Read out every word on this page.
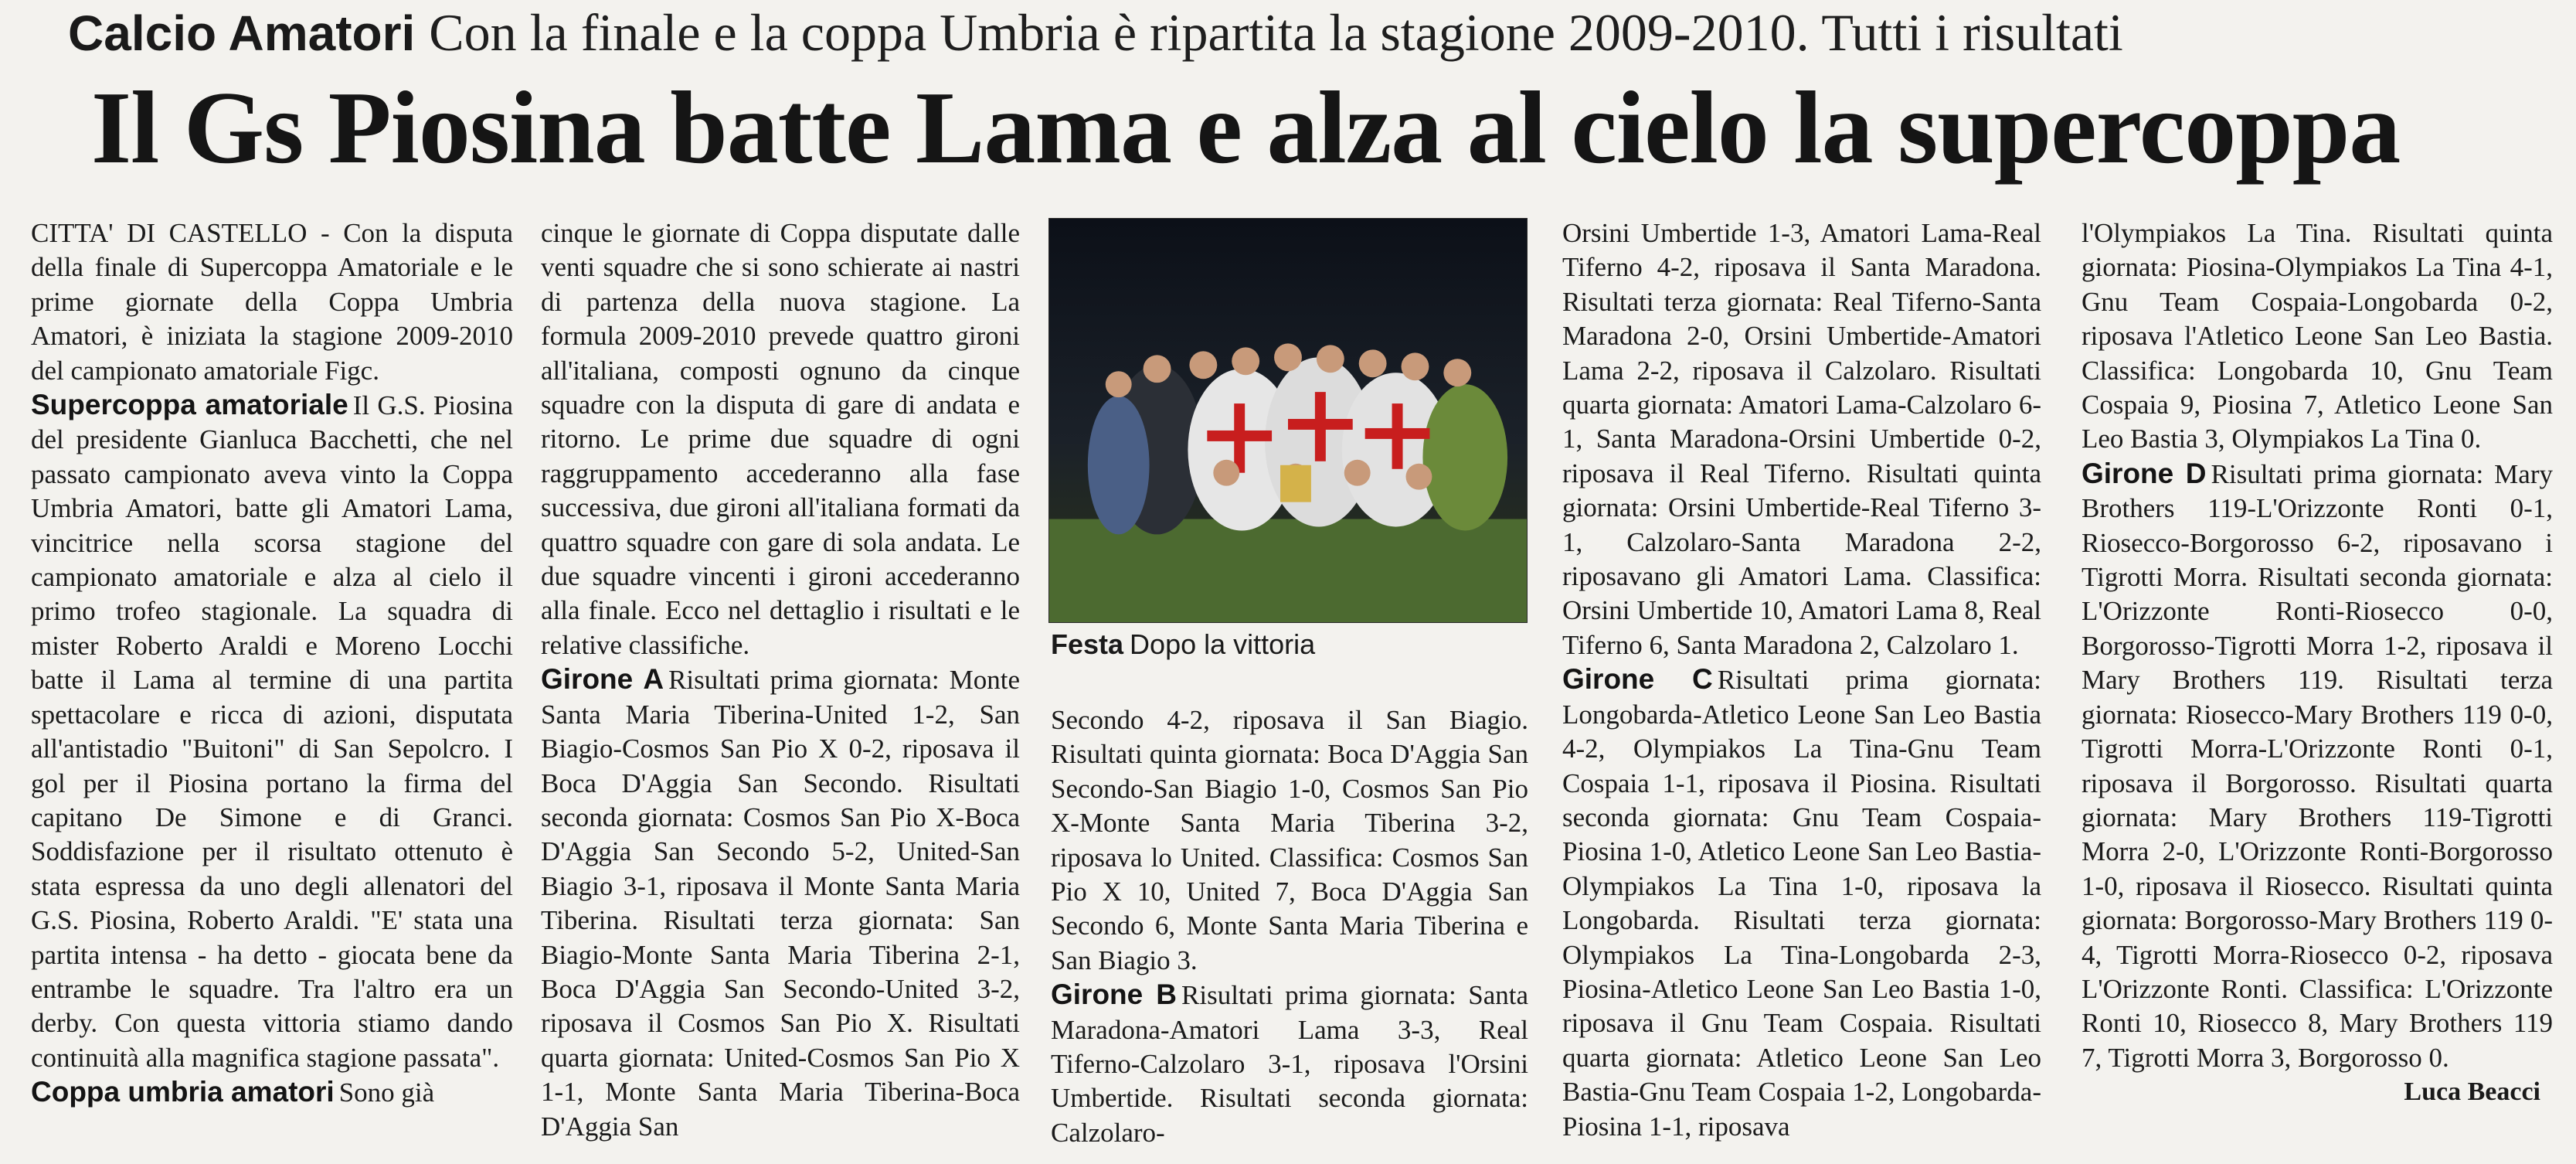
Calcio Amatori Con la finale e la coppa Umbria è ripartita la stagione 2009-2010. Tutti i risultati
Il Gs Piosina batte Lama e alza al cielo la supercoppa
CITTA' DI CASTELLO - Con la disputa della finale di Supercoppa Amatoriale e le prime giornate della Coppa Umbria Amatori, è iniziata la stagione 2009-2010 del campionato amatoriale Figc.
Supercoppa amatoriale Il G.S. Piosina del presidente Gianluca Bacchetti, che nel passato campionato aveva vinto la Coppa Umbria Amatori, batte gli Amatori Lama, vincitrice nella scorsa stagione del campionato amatoriale e alza al cielo il primo trofeo stagionale. La squadra di mister Roberto Araldi e Moreno Locchi batte il Lama al termine di una partita spettacolare e ricca di azioni, disputata all'antistadio "Buitoni" di San Sepolcro. I gol per il Piosina portano la firma del capitano De Simone e di Granci. Soddisfazione per il risultato ottenuto è stata espressa da uno degli allenatori del G.S. Piosina, Roberto Araldi. "E' stata una partita intensa - ha detto - giocata bene da entrambe le squadre. Tra l'altro era un derby. Con questa vittoria stiamo dando continuità alla magnifica stagione passata".
Coppa umbria amatori Sono già
cinque le giornate di Coppa disputate dalle venti squadre che si sono schierate ai nastri di partenza della nuova stagione. La formula 2009-2010 prevede quattro gironi all'italiana, composti ognuno da cinque squadre con la disputa di gare di andata e ritorno. Le prime due squadre di ogni raggruppamento accederanno alla fase successiva, due gironi all'italiana formati da quattro squadre con gare di sola andata. Le due squadre vincenti i gironi accederanno alla finale. Ecco nel dettaglio i risultati e le relative classifiche.
Girone A Risultati prima giornata: Monte Santa Maria Tiberina-United 1-2, San Biagio-Cosmos San Pio X 0-2, riposava il Boca D'Aggia San Secondo. Risultati seconda giornata: Cosmos San Pio X-Boca D'Aggia San Secondo 5-2, United-San Biagio 3-1, riposava il Monte Santa Maria Tiberina. Risultati terza giornata: San Biagio-Monte Santa Maria Tiberina 2-1, Boca D'Aggia San Secondo-United 3-2, riposava il Cosmos San Pio X. Risultati quarta giornata: United-Cosmos San Pio X 1-1, Monte Santa Maria Tiberina-Boca D'Aggia San
Festa Dopo la vittoria
Secondo 4-2, riposava il San Biagio. Risultati quinta giornata: Boca D'Aggia San Secondo-San Biagio 1-0, Cosmos San Pio X-Monte Santa Maria Tiberina 3-2, riposava lo United. Classifica: Cosmos San Pio X 10, United 7, Boca D'Aggia San Secondo 6, Monte Santa Maria Tiberina e San Biagio 3.
Girone B Risultati prima giornata: Santa Maradona-Amatori Lama 3-3, Real Tiferno-Calzolaro 3-1, riposava l'Orsini Umbertide. Risultati seconda giornata: Calzolaro-
Orsini Umbertide 1-3, Amatori Lama-Real Tiferno 4-2, riposava il Santa Maradona. Risultati terza giornata: Real Tiferno-Santa Maradona 2-0, Orsini Umbertide-Amatori Lama 2-2, riposava il Calzolaro. Risultati quarta giornata: Amatori Lama-Calzolaro 6-1, Santa Maradona-Orsini Umbertide 0-2, riposava il Real Tiferno. Risultati quinta giornata: Orsini Umbertide-Real Tiferno 3-1, Calzolaro-Santa Maradona 2-2, riposavano gli Amatori Lama. Classifica: Orsini Umbertide 10, Amatori Lama 8, Real Tiferno 6, Santa Maradona 2, Calzolaro 1.
Girone C Risultati prima giornata: Longobarda-Atletico Leone San Leo Bastia 4-2, Olympiakos La Tina-Gnu Team Cospaia 1-1, riposava il Piosina. Risultati seconda giornata: Gnu Team Cospaia-Piosina 1-0, Atletico Leone San Leo Bastia-Olympiakos La Tina 1-0, riposava la Longobarda. Risultati terza giornata: Olympiakos La Tina-Longobarda 2-3, Piosina-Atletico Leone San Leo Bastia 1-0, riposava il Gnu Team Cospaia. Risultati quarta giornata: Atletico Leone San Leo Bastia-Gnu Team Cospaia 1-2, Longobarda-Piosina 1-1, riposava
l'Olympiakos La Tina. Risultati quinta giornata: Piosina-Olympiakos La Tina 4-1, Gnu Team Cospaia-Longobarda 0-2, riposava l'Atletico Leone San Leo Bastia. Classifica: Longobarda 10, Gnu Team Cospaia 9, Piosina 7, Atletico Leone San Leo Bastia 3, Olympiakos La Tina 0.
Girone D Risultati prima giornata: Mary Brothers 119-L'Orizzonte Ronti 0-1, Riosecco-Borgorosso 6-2, riposavano i Tigrotti Morra. Risultati seconda giornata: L'Orizzonte Ronti-Riosecco 0-0, Borgorosso-Tigrotti Morra 1-2, riposava il Mary Brothers 119. Risultati terza giornata: Riosecco-Mary Brothers 119 0-0, Tigrotti Morra-L'Orizzonte Ronti 0-1, riposava il Borgorosso. Risultati quarta giornata: Mary Brothers 119-Tigrotti Morra 2-0, L'Orizzonte Ronti-Borgorosso 1-0, riposava il Riosecco. Risultati quinta giornata: Borgorosso-Mary Brothers 119 0-4, Tigrotti Morra-Riosecco 0-2, riposava L'Orizzonte Ronti. Classifica: L'Orizzonte Ronti 10, Riosecco 8, Mary Brothers 119 7, Tigrotti Morra 3, Borgorosso 0.
Luca Beacci
